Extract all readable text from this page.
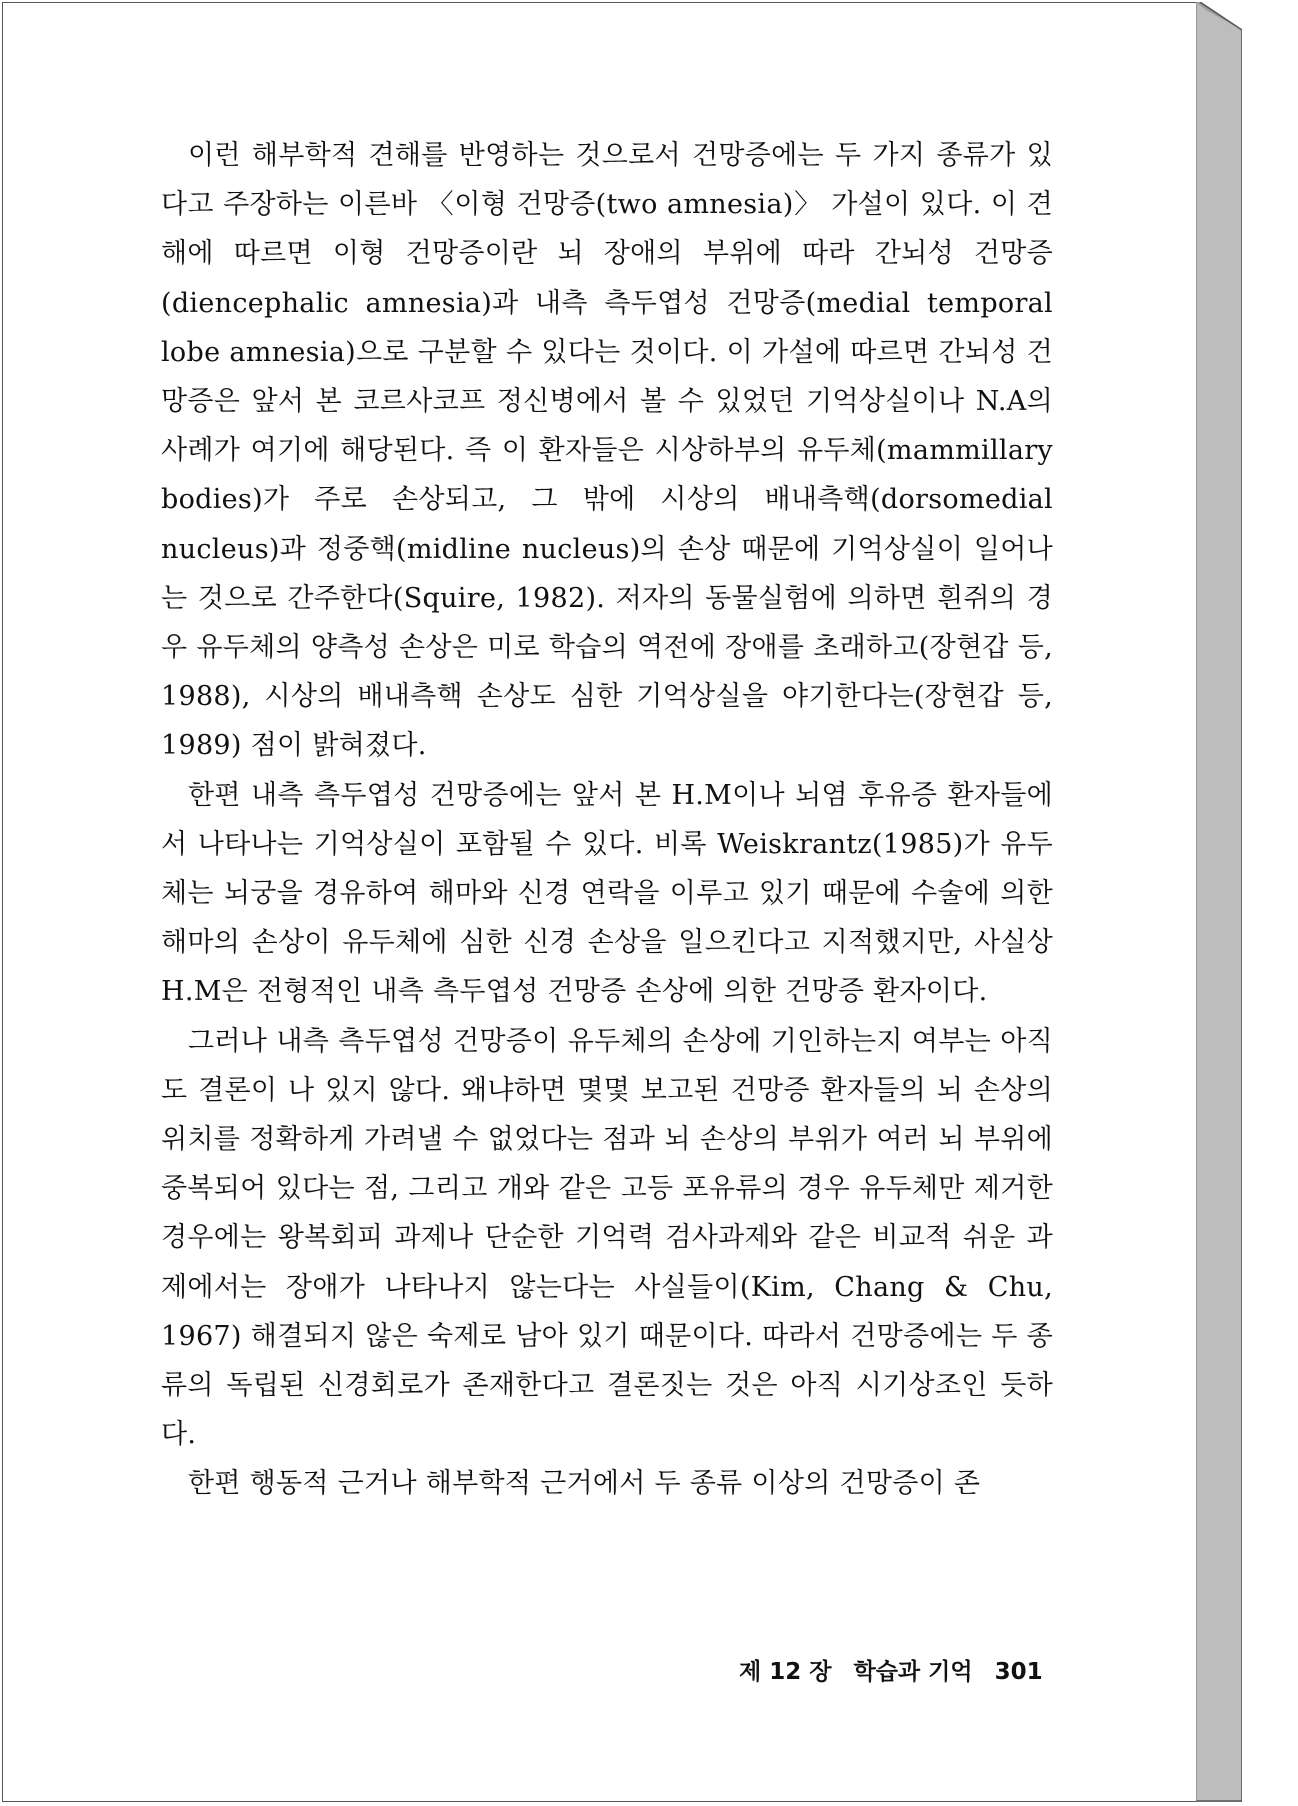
이런 해부학적 견해를 반영하는 것으로서 건망증에는 두 가지 종류가 있다고 주장하는 이른바 〈이형 건망증(two amnesia)〉 가설이 있다. 이 견해에 따르면 이형 건망증이란 뇌 장애의 부위에 따라 간뇌성 건망증(diencephalic amnesia)과 내측 측두엽성 건망증(medial temporal lobe amnesia)으로 구분할 수 있다는 것이다. 이 가설에 따르면 간뇌성 건망증은 앞서 본 코르사코프 정신병에서 볼 수 있었던 기억상실이나 N.A의 사례가 여기에 해당된다. 즉 이 환자들은 시상하부의 유두체(mammillary bodies)가 주로 손상되고, 그 밖에 시상의 배내측핵(dorsomedial nucleus)과 정중핵(midline nucleus)의 손상 때문에 기억상실이 일어나는 것으로 간주한다(Squire, 1982). 저자의 동물실험에 의하면 흰쥐의 경우 유두체의 양측성 손상은 미로 학습의 역전에 장애를 초래하고(장현갑 등, 1988), 시상의 배내측핵 손상도 심한 기억상실을 야기한다는(장현갑 등, 1989) 점이 밝혀졌다.

한편 내측 측두엽성 건망증에는 앞서 본 H.M이나 뇌염 후유증 환자들에서 나타나는 기억상실이 포함될 수 있다. 비록 Weiskrantz(1985)가 유두체는 뇌궁을 경유하여 해마와 신경 연락을 이루고 있기 때문에 수술에 의한 해마의 손상이 유두체에 심한 신경 손상을 일으킨다고 지적했지만, 사실상 H.M은 전형적인 내측 측두엽성 건망증 손상에 의한 건망증 환자이다.

그러나 내측 측두엽성 건망증이 유두체의 손상에 기인하는지 여부는 아직도 결론이 나 있지 않다. 왜냐하면 몇몇 보고된 건망증 환자들의 뇌 손상의 위치를 정확하게 가려낼 수 없었다는 점과 뇌 손상의 부위가 여러 뇌 부위에 중복되어 있다는 점, 그리고 개와 같은 고등 포유류의 경우 유두체만 제거한 경우에는 왕복회피 과제나 단순한 기억력 검사과제와 같은 비교적 쉬운 과제에서는 장애가 나타나지 않는다는 사실들이(Kim, Chang & Chu, 1967) 해결되지 않은 숙제로 남아 있기 때문이다. 따라서 건망증에는 두 종류의 독립된 신경회로가 존재한다고 결론짓는 것은 아직 시기상조인 듯하다.

한편 행동적 근거나 해부학적 근거에서 두 종류 이상의 건망증이 존

제 12 장 학습과 기억 301
